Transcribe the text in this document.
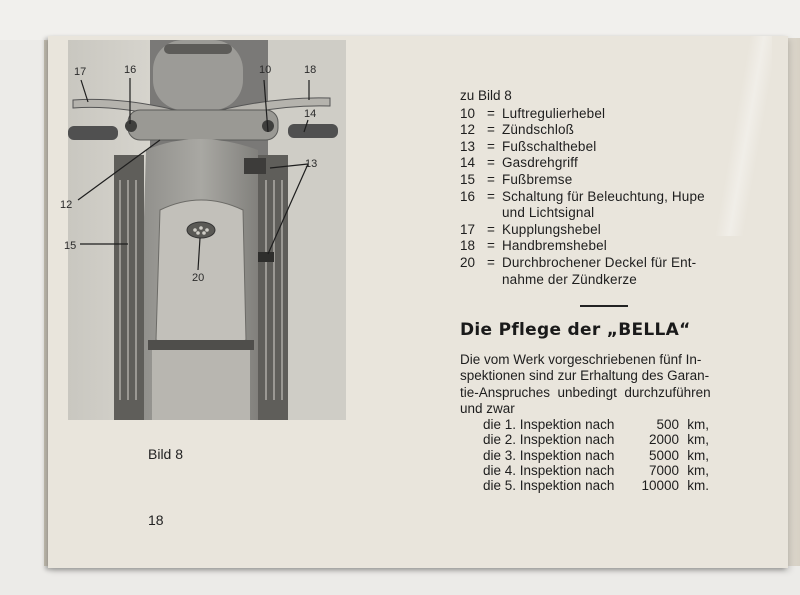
17	16	10	18
14
13
12
15
20
Bild 8
18
zu Bild 8
10 = Luftregulierhebel
12 = Zündschloß
13 = Fußschalthebel
14 = Gasdrehgriff
15 = Fußbremse
16 = Schaltung für Beleuchtung, Hupe
und Lichtsignal
17 = Kupplungshebel
18 = Handbremshebel
20 = Durchbrochener Deckel für Ent-
nahme der Zündkerze
Die Pflege der „BELLA“

Die vom Werk vorgeschriebenen fünf In-

spektionen sind zur Erhaltung des Garan-

tie-Anspruches  unbedingt  durchzuführen

und zwar

die 1. Inspektion nach	500 km,
die 2. Inspektion nach	2000 km,
die 3. Inspektion nach	5000 km,
die 4. Inspektion nach	7000 km,
die 5. Inspektion nach	10000 km.
